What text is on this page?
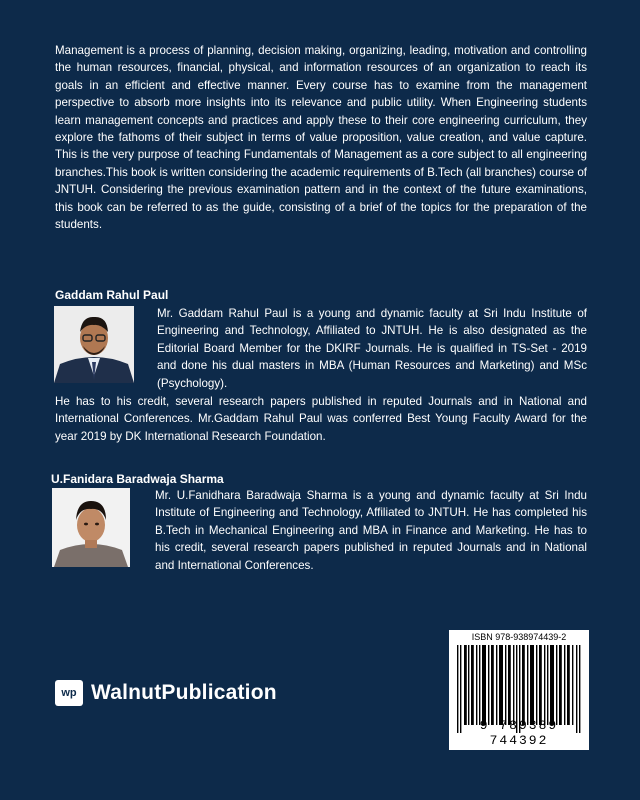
Management is a process of planning, decision making, organizing, leading, motivation and controlling the human resources, financial, physical, and information resources of an organization to reach its goals in an efficient and effective manner. Every course has to examine from the management perspective to absorb more insights into its relevance and public utility. When Engineering students learn management concepts and practices and apply these to their core engineering curriculum, they explore the fathoms of their subject in terms of value proposition, value creation, and value capture. This is the very purpose of teaching Fundamentals of Management as a core subject to all engineering branches.This book is written considering the academic requirements of B.Tech (all branches) course of JNTUH. Considering the previous examination pattern and in the context of the future examinations, this book can be referred to as the guide, consisting of a brief of the topics for the preparation of the students.

Gaddam Rahul Paul

Mr. Gaddam Rahul Paul is a young and dynamic faculty at Sri Indu Institute of Engineering and Technology, Affiliated to JNTUH. He is also designated as the Editorial Board Member for the DKIRF Journals. He is qualified in TS-Set - 2019 and done his dual masters in MBA (Human Resources and Marketing) and MSc (Psychology).

He has to his credit, several research papers published in reputed Journals and in National and International Conferences. Mr.Gaddam Rahul Paul was conferred Best Young Faculty Award for the year 2019 by DK International Research Foundation.

U.Fanidara Baradwaja Sharma

Mr. U.Fanidhara Baradwaja Sharma is a young and dynamic faculty at Sri Indu Institute of Engineering and Technology, Affiliated to JNTUH. He has completed his B.Tech in Mechanical Engineering and MBA in Finance and Marketing. He has to his credit, several research papers published in reputed Journals and in National and International Conferences.

ISBN 978-938974439-2
9 789389 744392
wp WalnutPublication
